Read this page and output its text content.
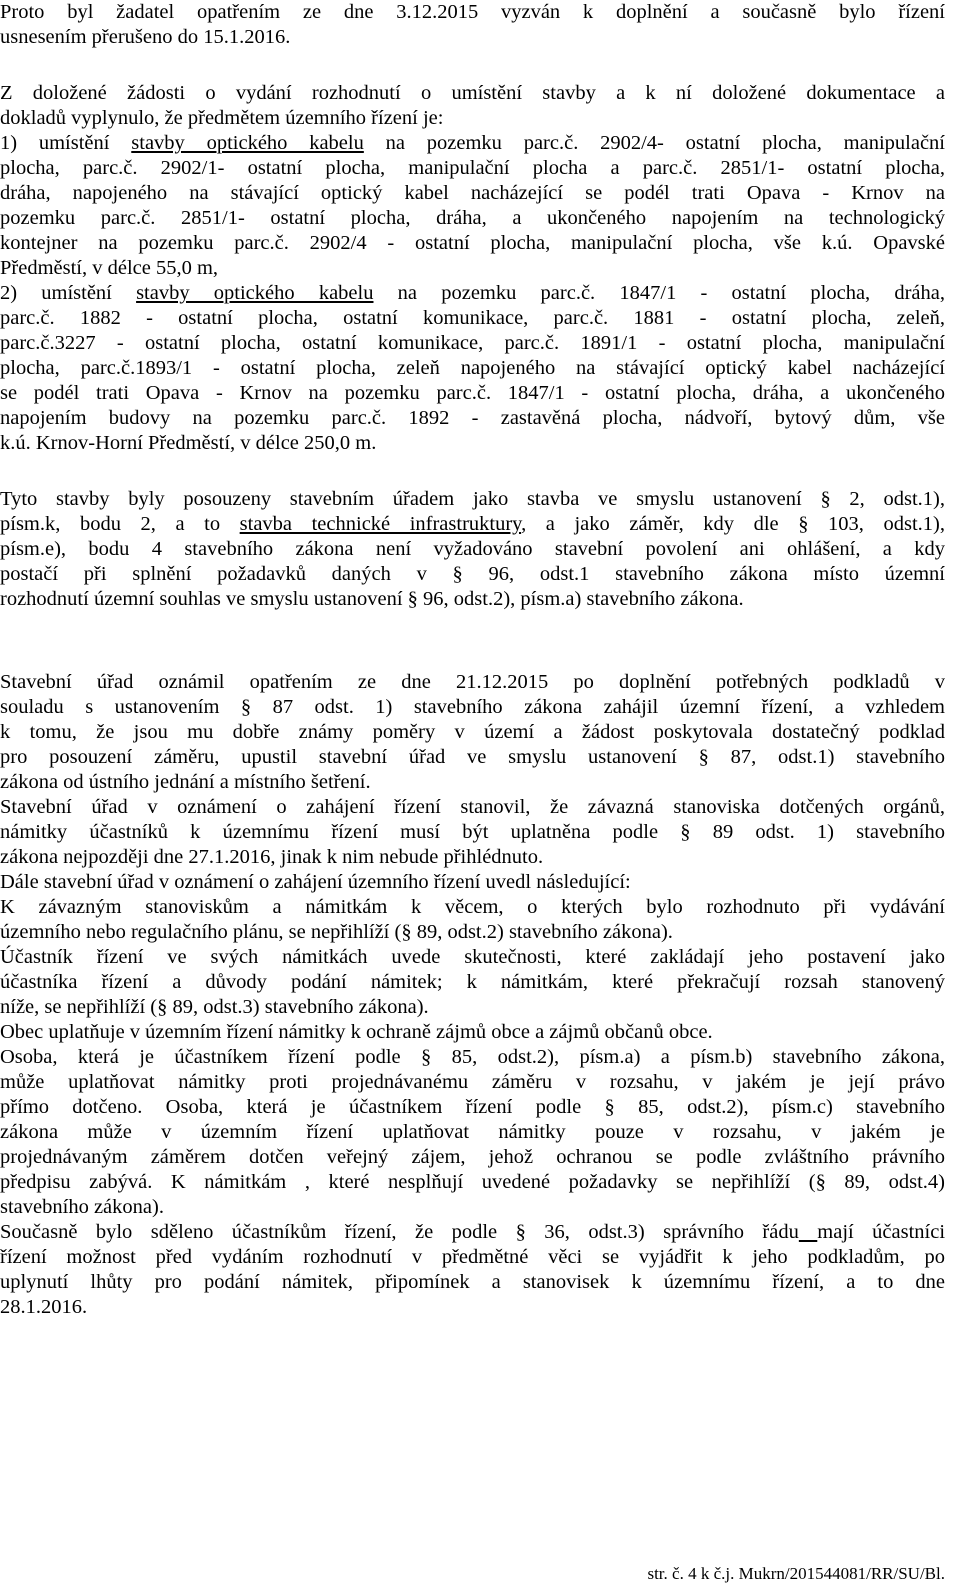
Proto byl žadatel opatřením ze dne 3.12.2015 vyzván k doplnění a současně bylo řízení
usnesením přerušeno do 15.1.2016.
Z doložené žádosti o vydání rozhodnutí o umístění stavby a k ní doložené dokumentace a
dokladů vyplynulo, že předmětem územního řízení je:
1) umístění stavby optického kabelu na pozemku parc.č. 2902/4- ostatní plocha, manipulační
plocha, parc.č. 2902/1- ostatní plocha, manipulační plocha a parc.č. 2851/1- ostatní plocha,
dráha, napojeného na stávající optický kabel nacházející se podél trati Opava - Krnov na
pozemku parc.č. 2851/1- ostatní plocha, dráha, a ukončeného napojením na technologický
kontejner na pozemku parc.č. 2902/4 - ostatní plocha, manipulační plocha, vše k.ú. Opavské
Předměstí, v délce 55,0 m,
2) umístění stavby optického kabelu na pozemku parc.č. 1847/1 - ostatní plocha, dráha,
parc.č. 1882 - ostatní plocha, ostatní komunikace, parc.č. 1881 - ostatní plocha, zeleň,
parc.č.3227 - ostatní plocha, ostatní komunikace, parc.č. 1891/1 - ostatní plocha, manipulační
plocha, parc.č.1893/1 - ostatní plocha, zeleň napojeného na stávající optický kabel nacházející
se podél trati Opava - Krnov na pozemku parc.č. 1847/1 - ostatní plocha, dráha, a ukončeného
napojením budovy na pozemku parc.č. 1892 - zastavěná plocha, nádvoří, bytový dům, vše
k.ú. Krnov-Horní Předměstí, v délce 250,0 m.
Tyto stavby byly posouzeny stavebním úřadem jako stavba ve smyslu ustanovení § 2, odst.1),
písm.k, bodu 2, a to stavba technické infrastruktury, a jako záměr, kdy dle § 103, odst.1),
písm.e), bodu 4 stavebního zákona není vyžadováno stavební povolení ani ohlášení, a kdy
postačí při splnění požadavků daných v § 96, odst.1 stavebního zákona místo územní
rozhodnutí územní souhlas ve smyslu ustanovení § 96, odst.2), písm.a) stavebního zákona.
Stavební úřad oznámil opatřením ze dne 21.12.2015 po doplnění potřebných podkladů v
souladu s ustanovením § 87 odst. 1) stavebního zákona zahájil územní řízení, a vzhledem
k tomu, že jsou mu dobře známy poměry v území a žádost poskytovala dostatečný podklad
pro posouzení záměru, upustil stavební úřad ve smyslu ustanovení § 87, odst.1) stavebního
zákona od ústního jednání a místního šetření.
Stavební úřad v oznámení o zahájení řízení stanovil, že závazná stanoviska dotčených orgánů,
námitky účastníků k územnímu řízení musí být uplatněna podle § 89 odst. 1) stavebního
zákona nejpozději dne 27.1.2016, jinak k nim nebude přihlédnuto.
Dále stavební úřad v oznámení o zahájení územního řízení uvedl následující:
K závazným stanoviskům a námitkám k věcem, o kterých bylo rozhodnuto při vydávání
územního nebo regulačního plánu, se nepřihlíží (§ 89, odst.2) stavebního zákona).
Účastník řízení ve svých námitkách uvede skutečnosti, které zakládají jeho postavení jako
účastníka řízení a důvody podání námitek; k námitkám, které překračují rozsah stanovený
níže, se nepřihlíží (§ 89, odst.3) stavebního zákona).
Obec uplatňuje v územním řízení námitky k ochraně zájmů obce a zájmů občanů obce.
Osoba, která je účastníkem řízení podle § 85, odst.2), písm.a) a písm.b) stavebního zákona,
může uplatňovat námitky proti projednávanému záměru v rozsahu, v jakém je její právo
přímo dotčeno. Osoba, která je účastníkem řízení podle § 85, odst.2), písm.c) stavebního
zákona může v územním řízení uplatňovat námitky pouze v rozsahu, v jakém je
projednávaným záměrem dotčen veřejný zájem, jehož ochranou se podle zvláštního právního
předpisu zabývá. K námitkám , které nesplňují uvedené požadavky se nepřihlíží (§ 89, odst.4)
stavebního zákona).
Současně bylo sděleno účastníkům řízení, že podle § 36, odst.3) správního řádu mají účastníci
řízení možnost před vydáním rozhodnutí v předmětné věci se vyjádřit k jeho podkladům, po
uplynutí lhůty pro podání námitek, připomínek a stanovisek k územnímu řízení, a to dne
28.1.2016.
str. č. 4 k č.j. Mukrn/201544081/RR/SU/Bl.
